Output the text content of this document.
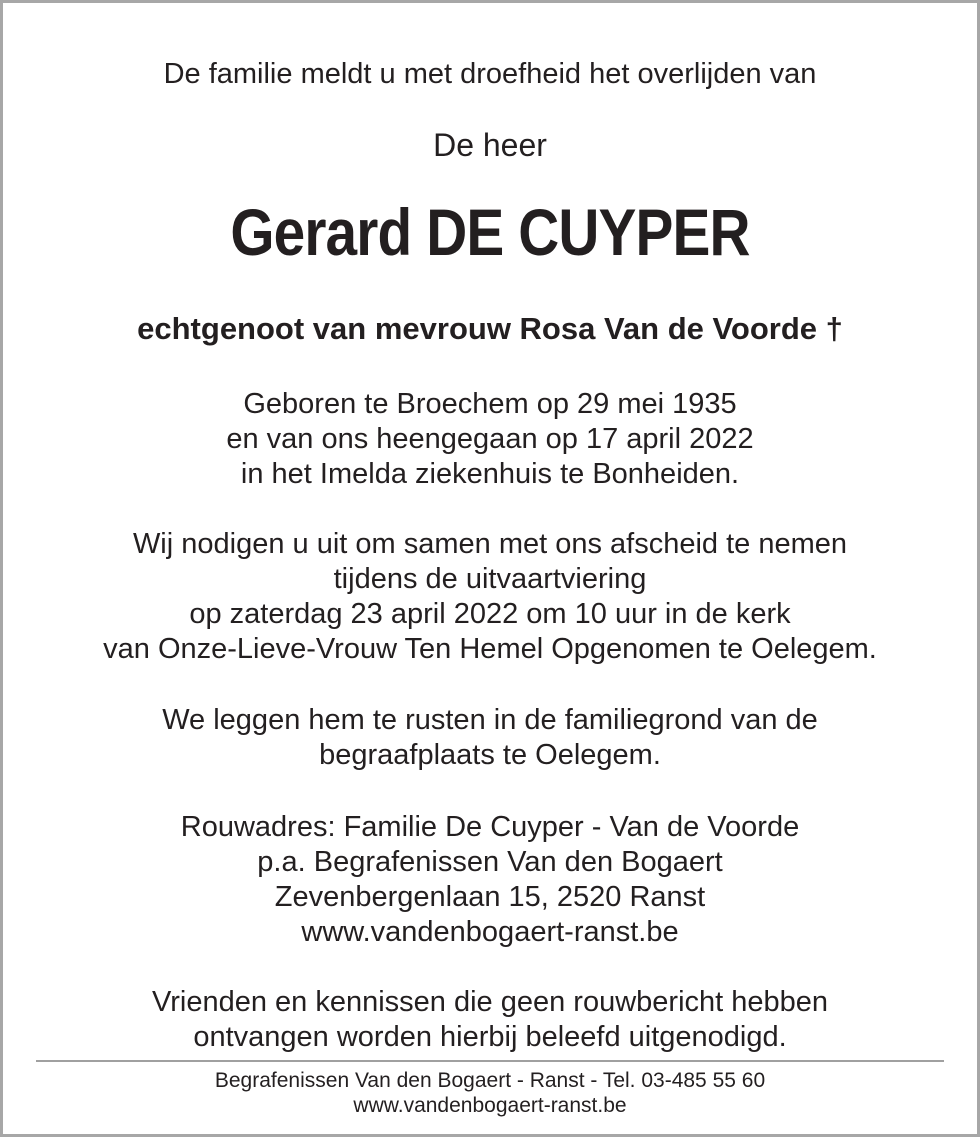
De familie meldt u met droefheid het overlijden van
De heer
Gerard DE CUYPER
echtgenoot van mevrouw Rosa Van de Voorde †

Geboren te Broechem op 29 mei 1935
en van ons heengegaan op 17 april 2022
in het Imelda ziekenhuis te Bonheiden.

Wij nodigen u uit om samen met ons afscheid te nemen
tijdens de uitvaartviering
op zaterdag 23 april 2022 om 10 uur in de kerk
van Onze-Lieve-Vrouw Ten Hemel Opgenomen te Oelegem.

We leggen hem te rusten in de familiegrond van de
begraafplaats te Oelegem.

Rouwadres: Familie De Cuyper - Van de Voorde
p.a. Begrafenissen Van den Bogaert
Zevenbergenlaan 15, 2520 Ranst
www.vandenbogaert-ranst.be

Vrienden en kennissen die geen rouwbericht hebben
ontvangen worden hierbij beleefd uitgenodigd.

Begrafenissen Van den Bogaert - Ranst - Tel. 03-485 55 60
www.vandenbogaert-ranst.be
